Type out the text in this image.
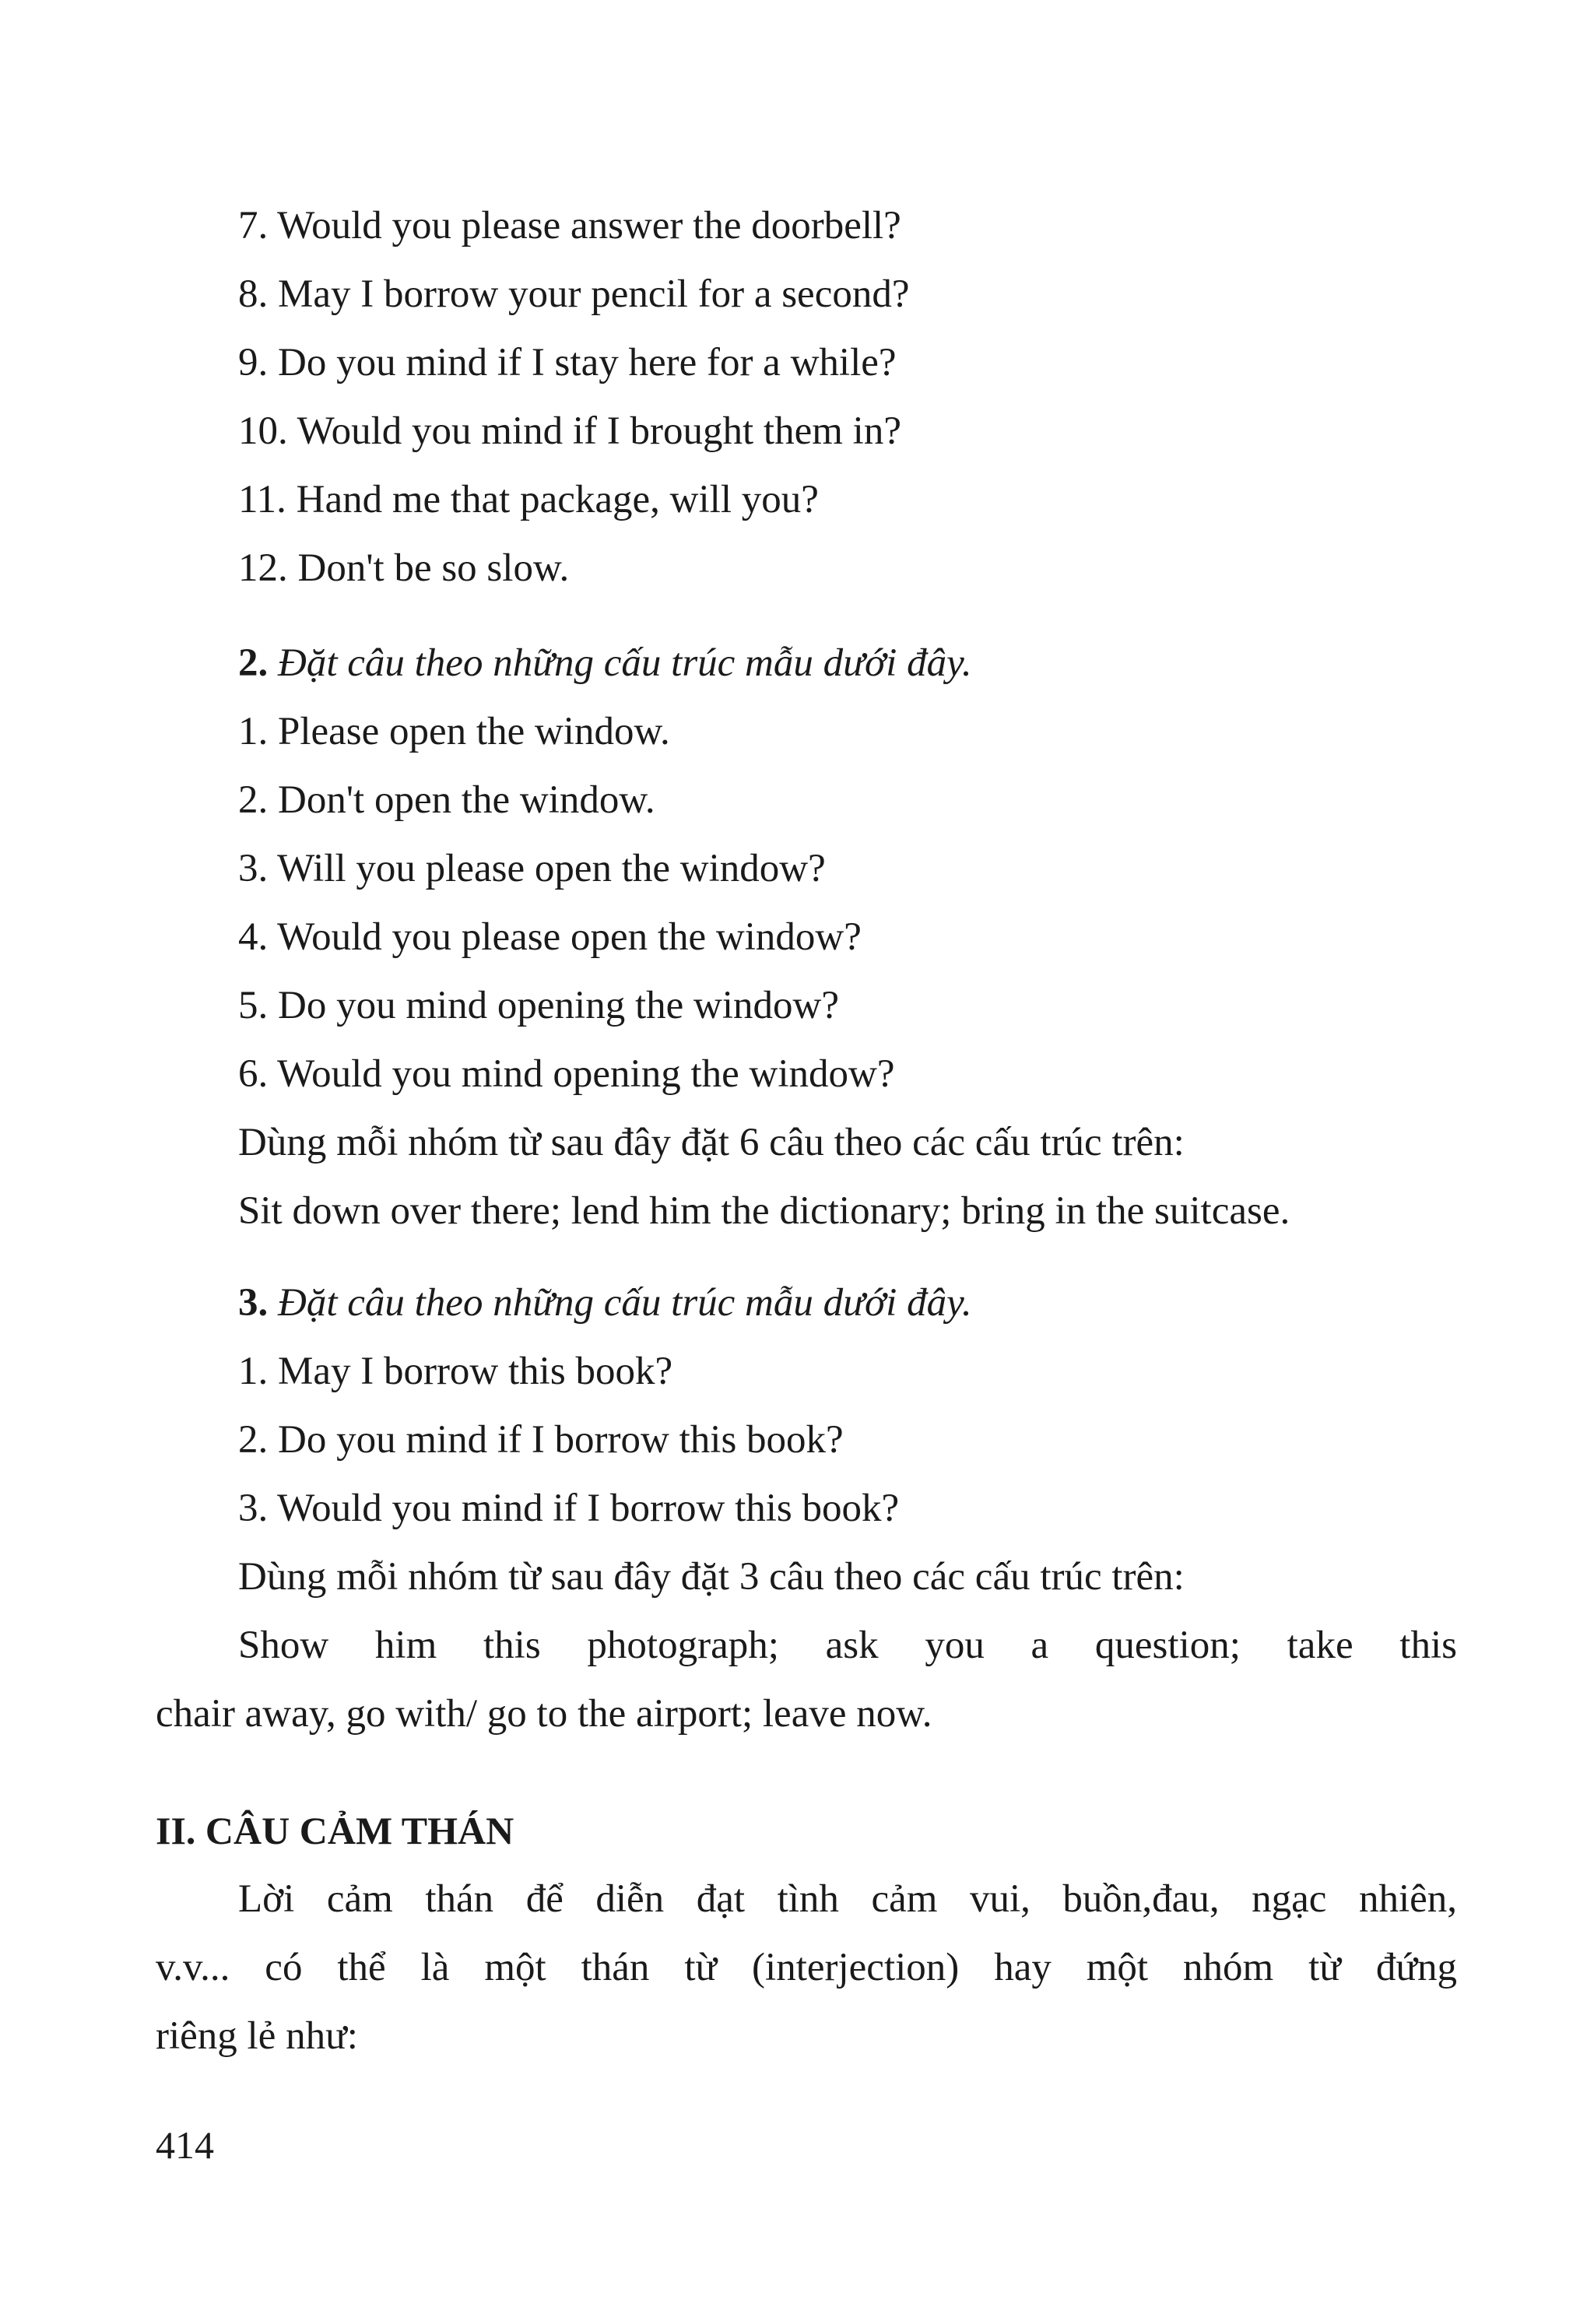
7. Would you please answer the doorbell?

8. May I borrow your pencil for a second?

9. Do you mind if I stay here for a while?

10. Would you mind if I brought them in?

11. Hand me that package, will you?

12. Don't be so slow.

2. Đặt câu theo những cấu trúc mẫu dưới đây.

1. Please open the window.

2. Don't open the window.

3. Will you please open the window?

4. Would you please open the window?

5. Do you mind opening the window?

6. Would you mind opening the window?

Dùng mỗi nhóm từ sau đây đặt 6 câu theo các cấu trúc trên:

Sit down over there; lend him the dictionary; bring in the suitcase.

3. Đặt câu theo những cấu trúc mẫu dưới đây.

1. May I borrow this book?

2. Do you mind if I borrow this book?

3. Would you mind if I borrow this book?

Dùng mỗi nhóm từ sau đây đặt 3 câu theo các cấu trúc trên:

Show him this photograph; ask you a question; take this

chair away, go with/ go to the airport; leave now.

II. CÂU CẢM THÁN

Lời cảm thán để diễn đạt tình cảm vui, buồn,đau, ngạc nhiên,

v.v... có thể là một thán từ (interjection) hay một nhóm từ đứng

riêng lẻ như:

414
